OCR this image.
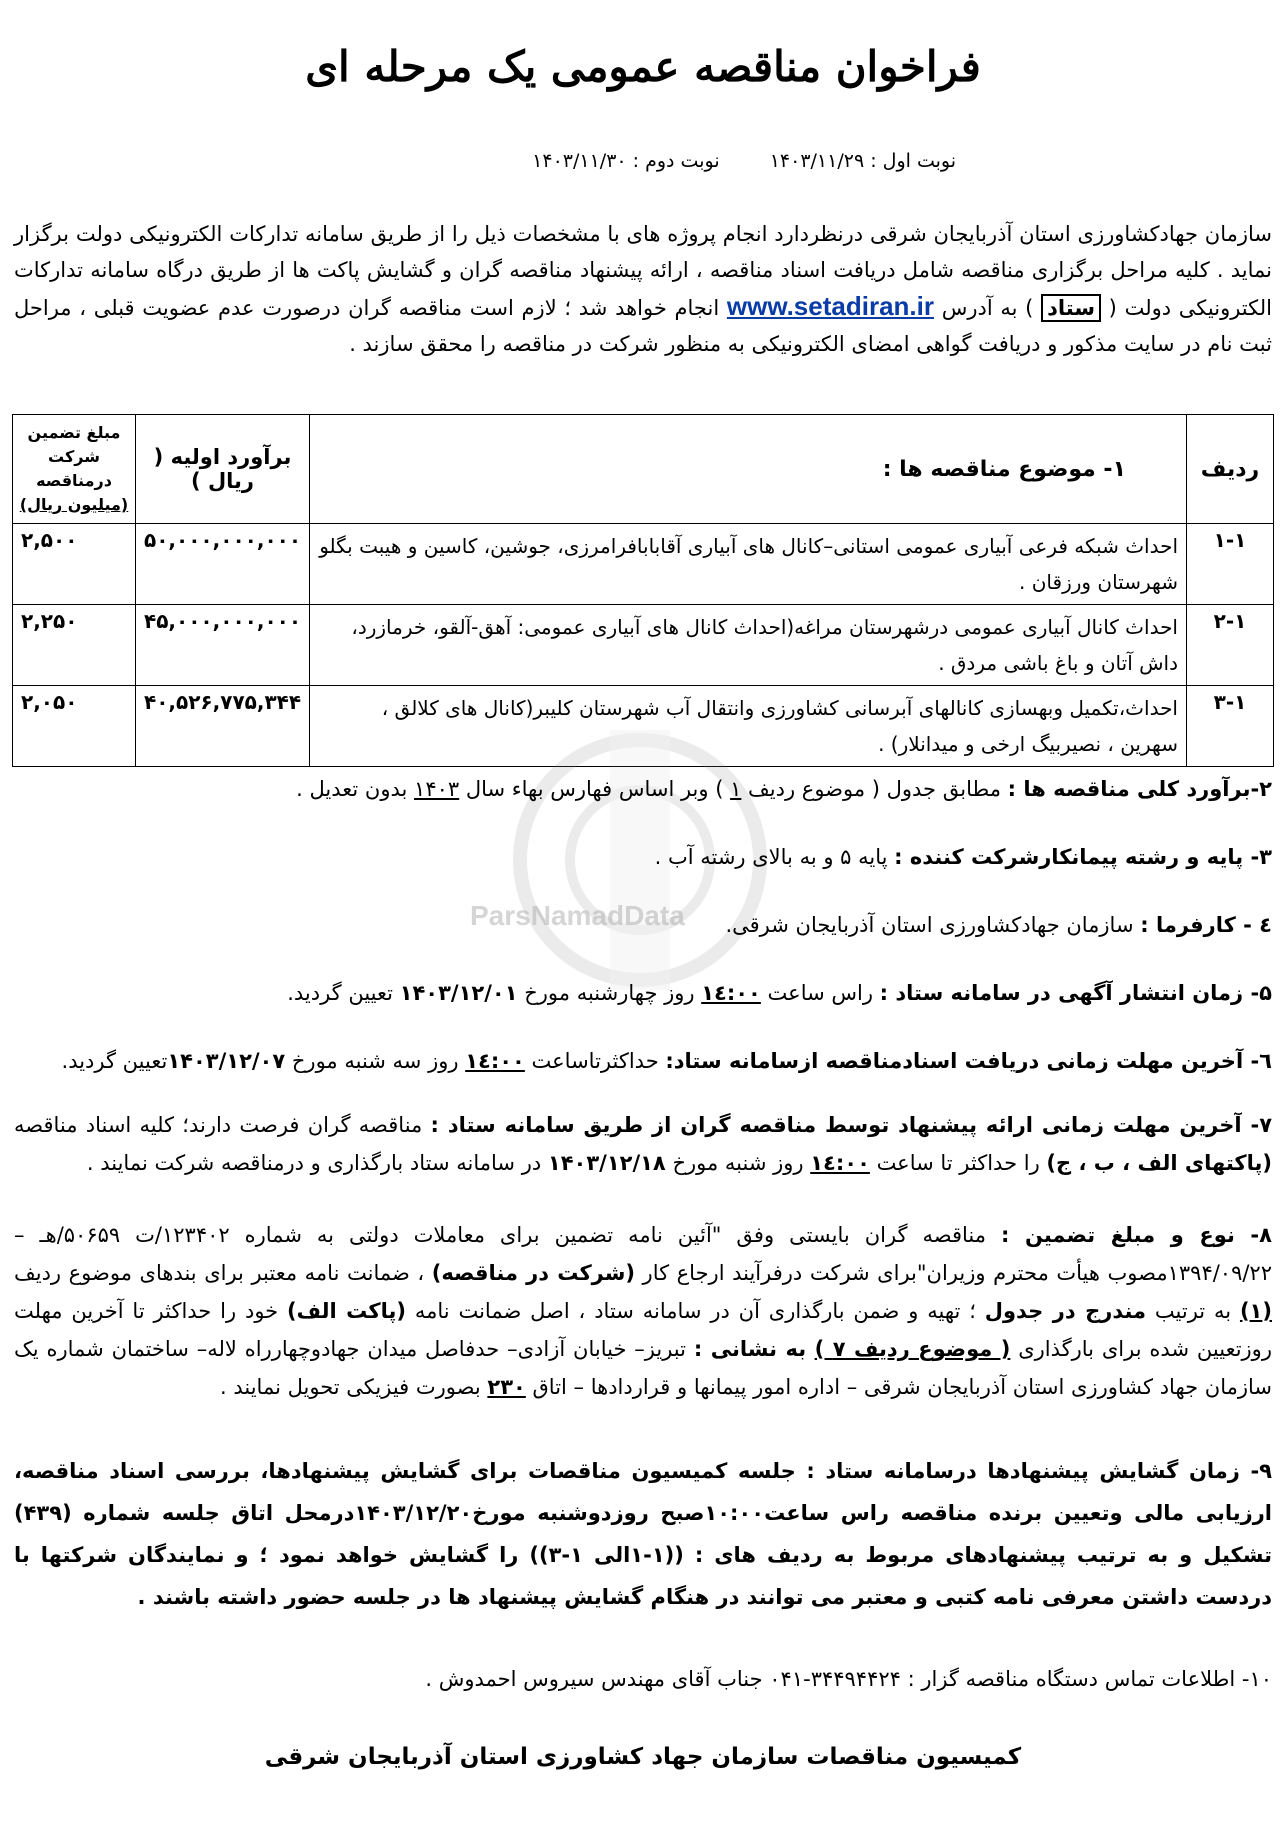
فراخوان مناقصه عمومی یک مرحله ای
نوبت اول : ۱۴۰۳/۱۱/۲۹  نوبت دوم : ۱۴۰۳/۱۱/۳۰
سازمان جهادکشاورزی استان آذربایجان شرقی درنظردارد انجام پروژه های با مشخصات ذیل را از طریق سامانه تدارکات الکترونیکی دولت برگزار نماید . کلیه مراحل برگزاری مناقصه شامل دریافت اسناد مناقصه ، ارائه پیشنهاد مناقصه گران و گشایش پاکت ها از طریق درگاه سامانه تدارکات الکترونیکی دولت ( ستاد ) به آدرس www.setadiran.ir انجام خواهد شد ؛ لازم است مناقصه گران درصورت عدم عضویت قبلی ، مراحل ثبت نام در سایت مذکور و دریافت گواهی امضای الکترونیکی به منظور شرکت در مناقصه را محقق سازند .
ردیف	۱- موضوع مناقصه ها :	برآورد اولیه ( ریال )	مبلغ تضمین
شرکت درمناقصه
(میلیون ریال)

۱-۱	احداث شبکه فرعی آبیاری عمومی استانی–کانال های آبیاری آقابابافرامرزی، جوشین، کاسین و هیبت بگلو شهرستان ورزقان .	۵۰,۰۰۰,۰۰۰,۰۰۰	۲,۵۰۰
۲-۱	احداث کانال آبیاری عمومی درشهرستان مراغه(احداث کانال های آبیاری عمومی: آهق-آلقو، خرمازرد، داش آتان و باغ باشی مردق .	۴۵,۰۰۰,۰۰۰,۰۰۰	۲,۲۵۰
۳-۱	احداث،تکمیل وبهسازی کانالهای آبرسانی کشاورزی وانتقال آب شهرستان کلیبر(کانال های کلالق ، سهرین ، نصیربیگ ارخی و میدانلار) .	۴۰,۵۲۶,۷۷۵,۳۴۴	۲,۰۵۰
ParsNamadData
۲-برآورد کلی مناقصه ها : مطابق جدول ( موضوع ردیف ۱ ) وبر اساس فهارس بهاء سال ۱۴۰۳ بدون تعدیل .
۳- پایه و رشته پیمانکارشرکت کننده : پایه ۵ و به بالای رشته آب .
٤ - کارفرما : سازمان جهادکشاورزی استان آذربایجان شرقی.
۵- زمان انتشار آگهی در سامانه ستاد : راس ساعت ۱٤:۰۰ روز چهارشنبه مورخ ۱۴۰۳/۱۲/۰۱ تعیین گردید.
٦- آخرین مهلت زمانی دریافت اسنادمناقصه ازسامانه ستاد: حداکثرتاساعت ۱٤:۰۰ روز سه شنبه مورخ ۱۴۰۳/۱۲/۰۷تعیین گردید.
۷- آخرین مهلت زمانی ارائه پیشنهاد توسط مناقصه گران از طریق سامانه ستاد : مناقصه گران فرصت دارند؛ کلیه اسناد مناقصه (پاکتهای الف ، ب ، ج) را حداکثر تا ساعت ۱٤:۰۰ روز شنبه مورخ ۱۴۰۳/۱۲/۱۸ در سامانه ستاد بارگذاری و درمناقصه شرکت نمایند .
۸- نوع و مبلغ تضمین : مناقصه گران بایستی وفق "آئین نامه تضمین برای معاملات دولتی به شماره ۱۲۳۴۰۲/ت ۵۰۶۵۹/هـ – ۱۳۹۴/۰۹/۲۲مصوب هیأت محترم وزیران"برای شرکت درفرآیند ارجاع کار (شرکت در مناقصه) ، ضمانت نامه معتبر برای بندهای موضوع ردیف (۱) به ترتیب مندرج در جدول ؛ تهیه و ضمن بارگذاری آن در سامانه ستاد ، اصل ضمانت نامه (پاکت الف) خود را حداکثر تا آخرین مهلت روزتعیین شده برای بارگذاری ( موضوع ردیف ۷ ) به نشانی : تبریز– خیابان آزادی– حدفاصل میدان جهادوچهارراه لاله– ساختمان شماره یک سازمان جهاد کشاورزی استان آذربایجان شرقی – اداره امور پیمانها و قراردادها – اتاق ۲۳۰ بصورت فیزیکی تحویل نمایند .
۹- زمان گشایش پیشنهادها درسامانه ستاد : جلسه کمیسیون مناقصات برای گشایش پیشنهادها، بررسی اسناد مناقصه، ارزیابی مالی وتعیین برنده مناقصه راس ساعت۱۰:۰۰صبح روزدوشنبه مورخ۱۴۰۳/۱۲/۲۰درمحل اتاق جلسه شماره (۴۳۹) تشکیل و به ترتیب پیشنهادهای مربوط به ردیف های : ((۱-۱الی ۱-۳)) را گشایش خواهد نمود ؛ و نمایندگان شرکتها با دردست داشتن معرفی نامه کتبی و معتبر می توانند در هنگام گشایش پیشنهاد ها در جلسه حضور داشته باشند .
۱۰- اطلاعات تماس دستگاه مناقصه گزار : ۳۴۴۹۴۴۲۴-۰۴۱ جناب آقای مهندس سیروس احمدوش .
کمیسیون مناقصات سازمان جهاد کشاورزی استان آذربایجان شرقی
